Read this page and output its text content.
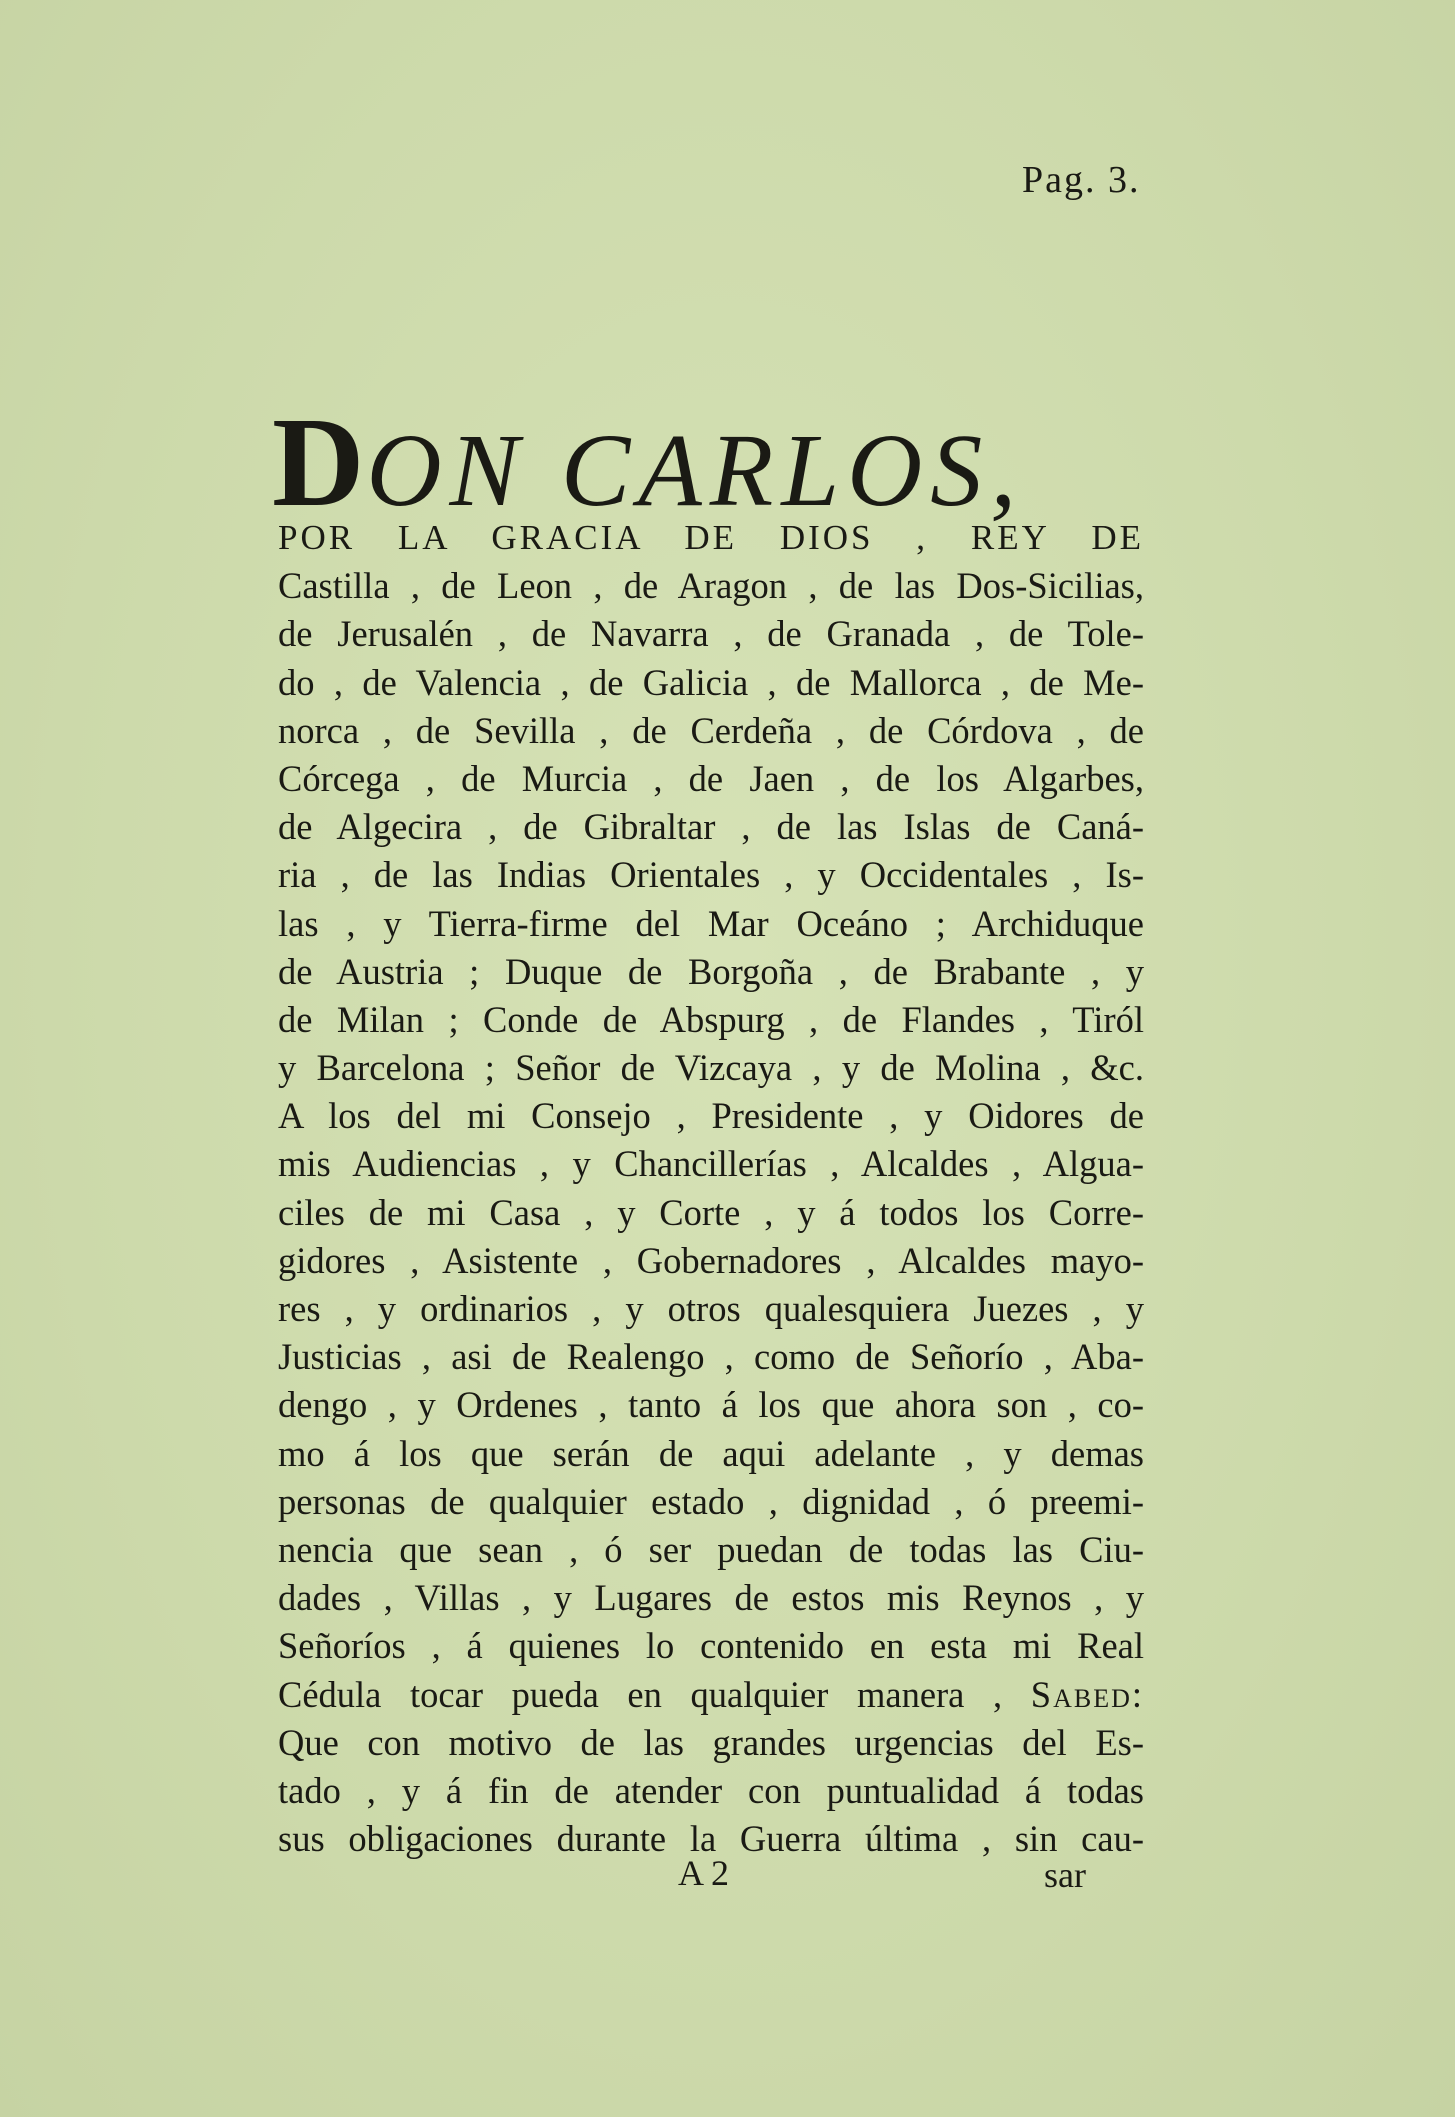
Pag. 3.
DON CARLOS,
POR LA GRACIA DE DIOS , REY DE
Castilla , de Leon , de Aragon , de las Dos-Sicilias,
de Jerusalén , de Navarra , de Granada , de Tole-
do , de Valencia , de Galicia , de Mallorca , de Me-
norca , de Sevilla , de Cerdeña , de Córdova , de
Córcega , de Murcia , de Jaen , de los Algarbes,
de Algecira , de Gibraltar , de las Islas de Caná-
ria , de las Indias Orientales , y Occidentales , Is-
las , y Tierra-firme del Mar Oceáno ; Archiduque
de Austria ; Duque de Borgoña , de Brabante , y
de Milan ; Conde de Abspurg , de Flandes , Tiról
y Barcelona ; Señor de Vizcaya , y de Molina , &c.
A los del mi Consejo , Presidente , y Oidores de
mis Audiencias , y Chancillerías , Alcaldes , Algua-
ciles de mi Casa , y Corte , y á todos los Corre-
gidores , Asistente , Gobernadores , Alcaldes mayo-
res , y ordinarios , y otros qualesquiera Juezes , y
Justicias , asi de Realengo , como de Señorío , Aba-
dengo , y Ordenes , tanto á los que ahora son , co-
mo á los que serán de aqui adelante , y demas
personas de qualquier estado , dignidad , ó preemi-
nencia que sean , ó ser puedan de todas las Ciu-
dades , Villas , y Lugares de estos mis Reynos , y
Señoríos , á quienes lo contenido en esta mi Real
Cédula tocar pueda en qualquier manera , Sabed:
Que con motivo de las grandes urgencias del Es-
tado , y á fin de atender con puntualidad á todas
sus obligaciones durante la Guerra última , sin cau-
A 2	sar
